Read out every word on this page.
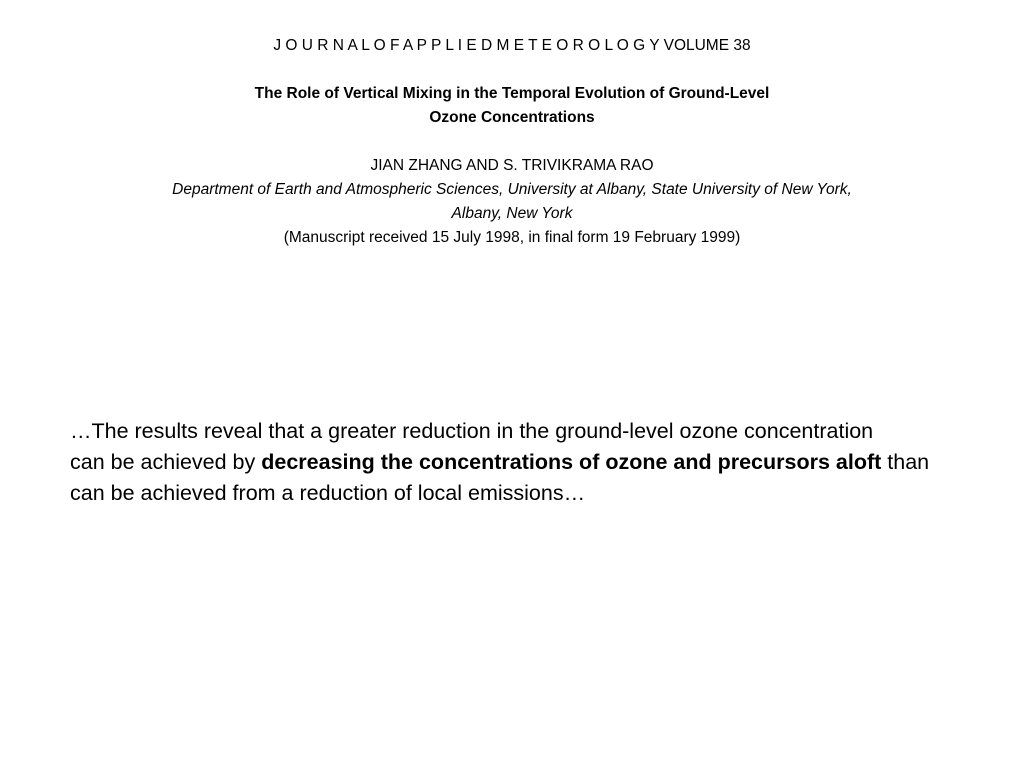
J O U R N A L O F A P P L I E D M E T E O R O L O G Y VOLUME 38

The Role of Vertical Mixing in the Temporal Evolution of Ground-Level
Ozone Concentrations

JIAN ZHANG AND S. TRIVIKRAMA RAO

Department of Earth and Atmospheric Sciences, University at Albany, State University of New York,
Albany, New York

(Manuscript received 15 July 1998, in final form 19 February 1999)

…The results reveal that a greater reduction in the ground-level ozone concentration
can be achieved by decreasing the concentrations of ozone and precursors aloft than
can be achieved from a reduction of local emissions…
